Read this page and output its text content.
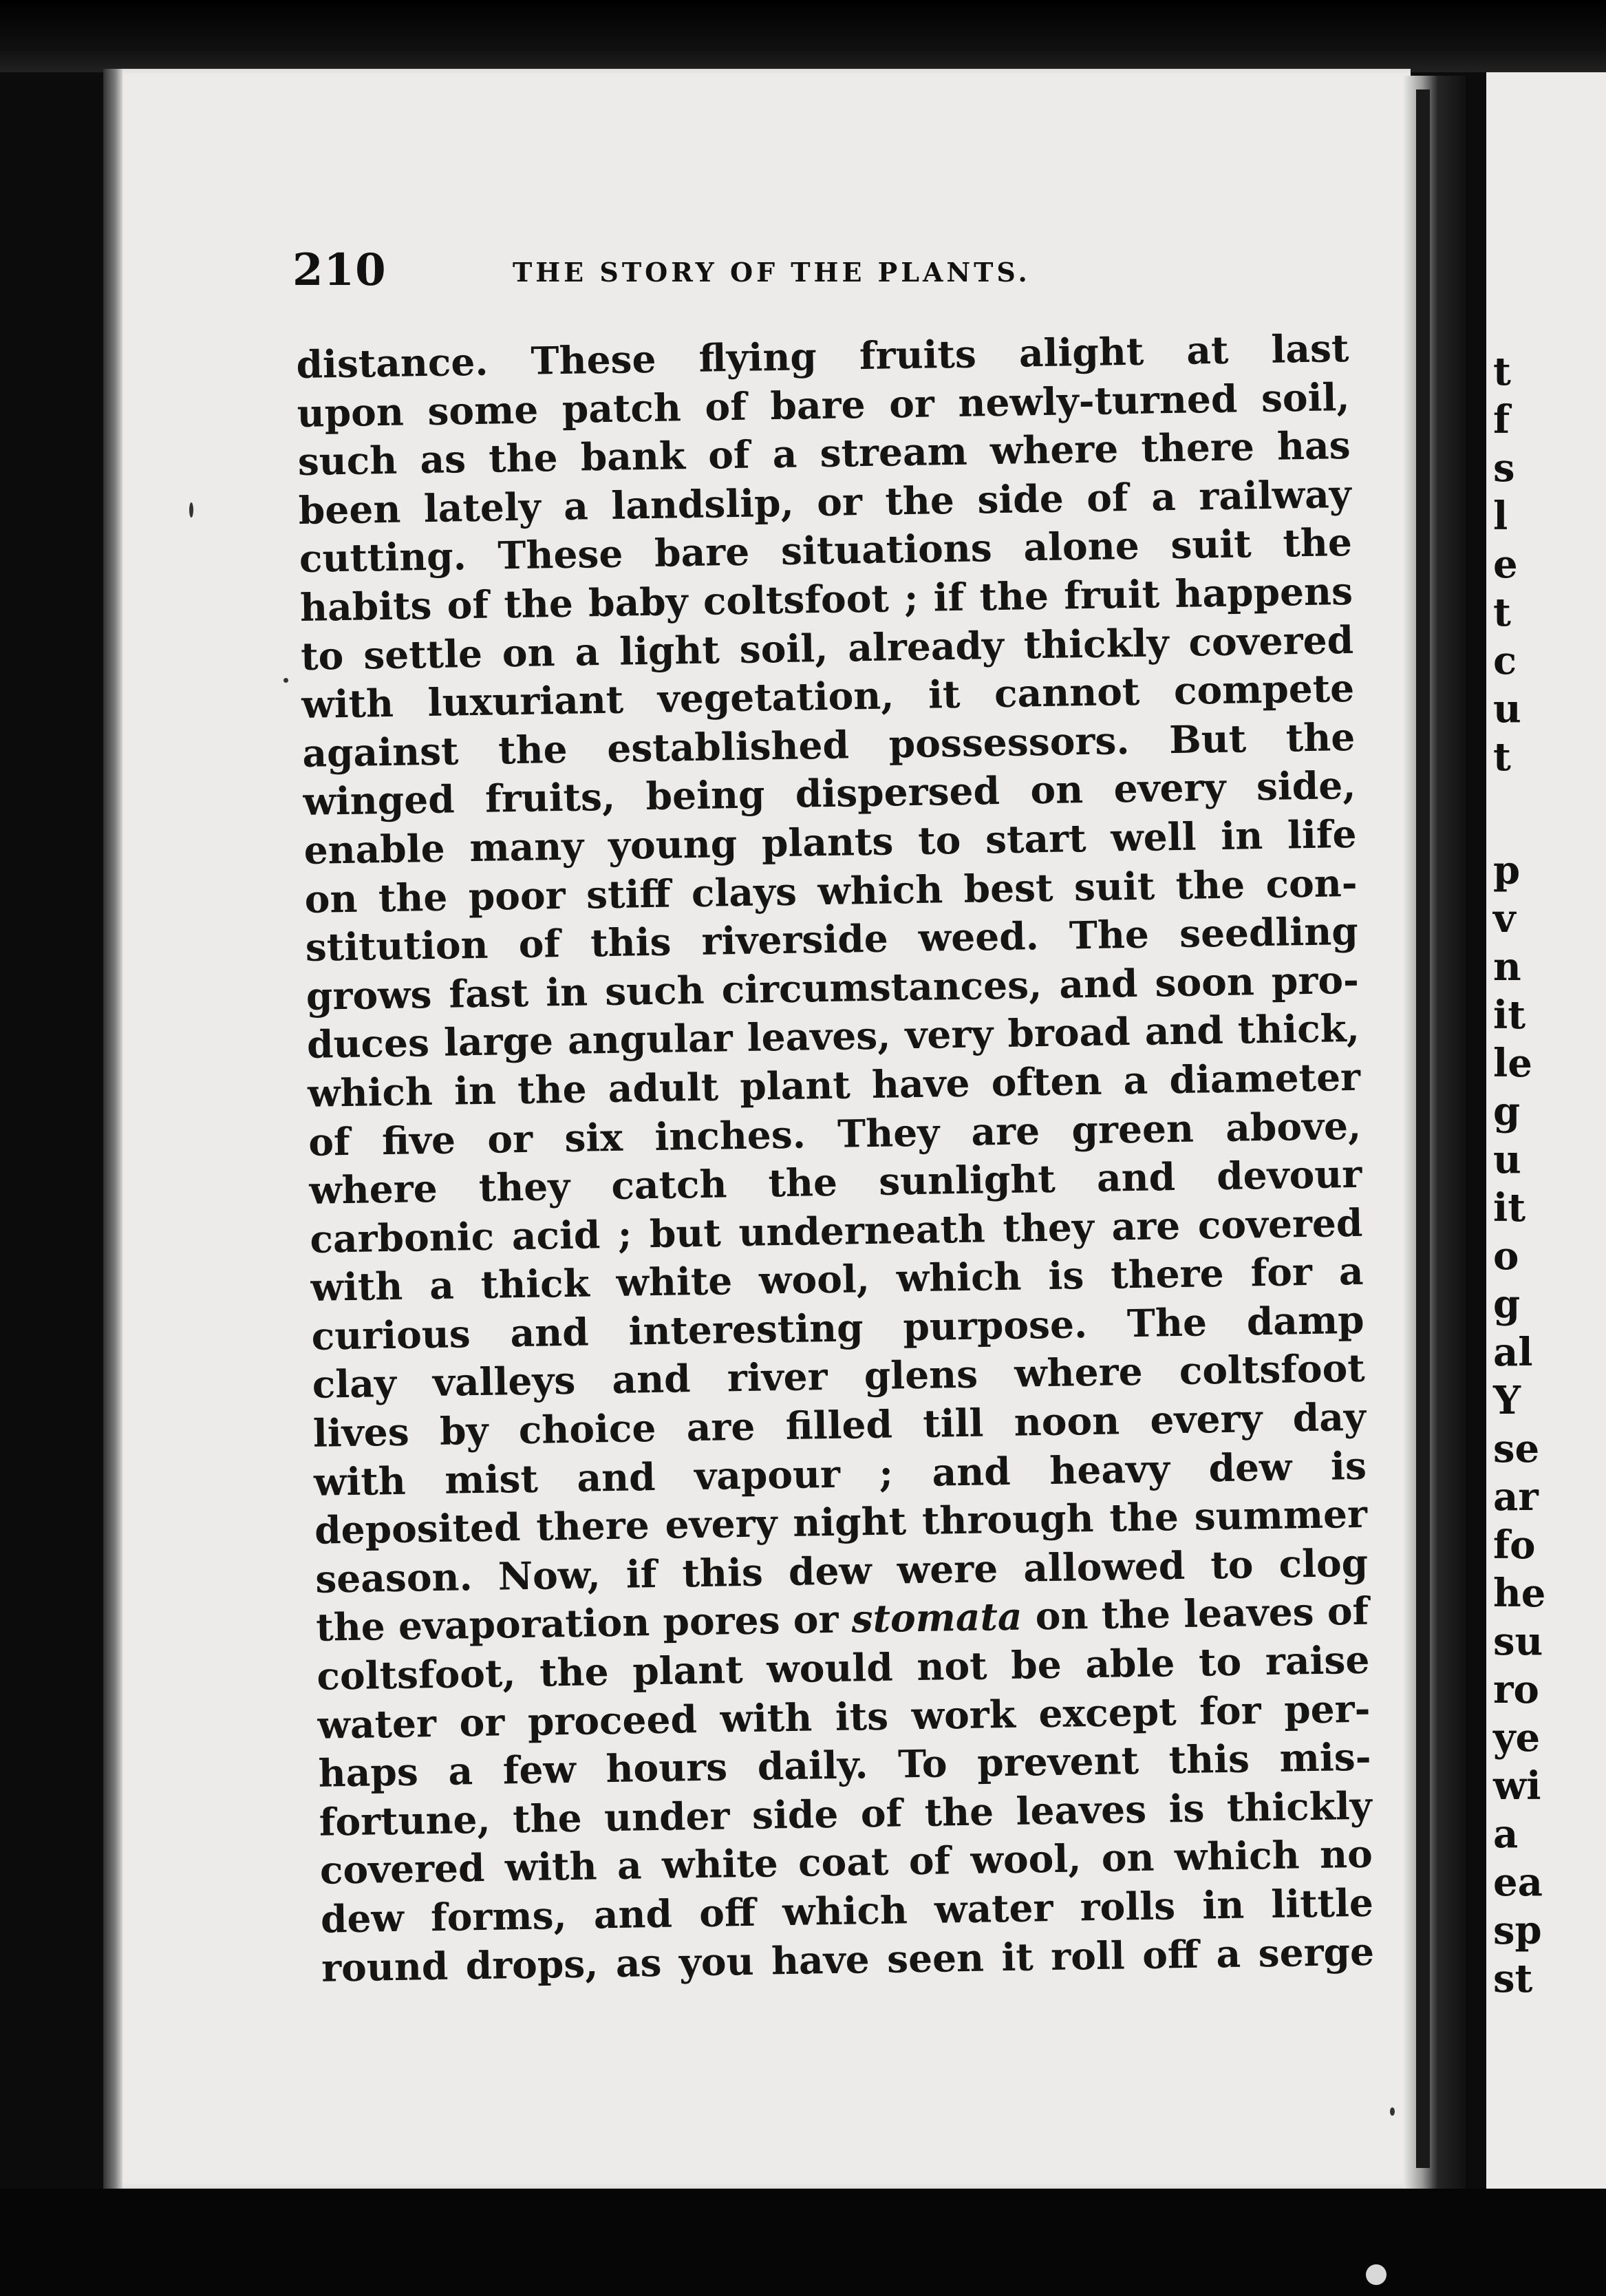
t
f
s
l
e
t
c
u
t
p
v
n
it
le
g
u
it
o
g
al
Y
se
ar
fo
he
su
ro
ye
wi
a
ea
sp
st
210	THE STORY OF THE PLANTS.
distance. These flying fruits alight at last
upon some patch of bare or newly-turned soil,
such as the bank of a stream where there has
been lately a landslip, or the side of a railway
cutting. These bare situations alone suit the
habits of the baby coltsfoot ; if the fruit happens
to settle on a light soil, already thickly covered
with luxuriant vegetation, it cannot compete
against the established possessors. But the
winged fruits, being dispersed on every side,
enable many young plants to start well in life
on the poor stiff clays which best suit the con-
stitution of this riverside weed. The seedling
grows fast in such circumstances, and soon pro-
duces large angular leaves, very broad and thick,
which in the adult plant have often a diameter
of five or six inches. They are green above,
where they catch the sunlight and devour
carbonic acid ; but underneath they are covered
with a thick white wool, which is there for a
curious and interesting purpose. The damp
clay valleys and river glens where coltsfoot
lives by choice are filled till noon every day
with mist and vapour ; and heavy dew is
deposited there every night through the summer
season. Now, if this dew were allowed to clog
the evaporation pores or stomata on the leaves of
coltsfoot, the plant would not be able to raise
water or proceed with its work except for per-
haps a few hours daily. To prevent this mis-
fortune, the under side of the leaves is thickly
covered with a white coat of wool, on which no
dew forms, and off which water rolls in little
round drops, as you have seen it roll off a serge
